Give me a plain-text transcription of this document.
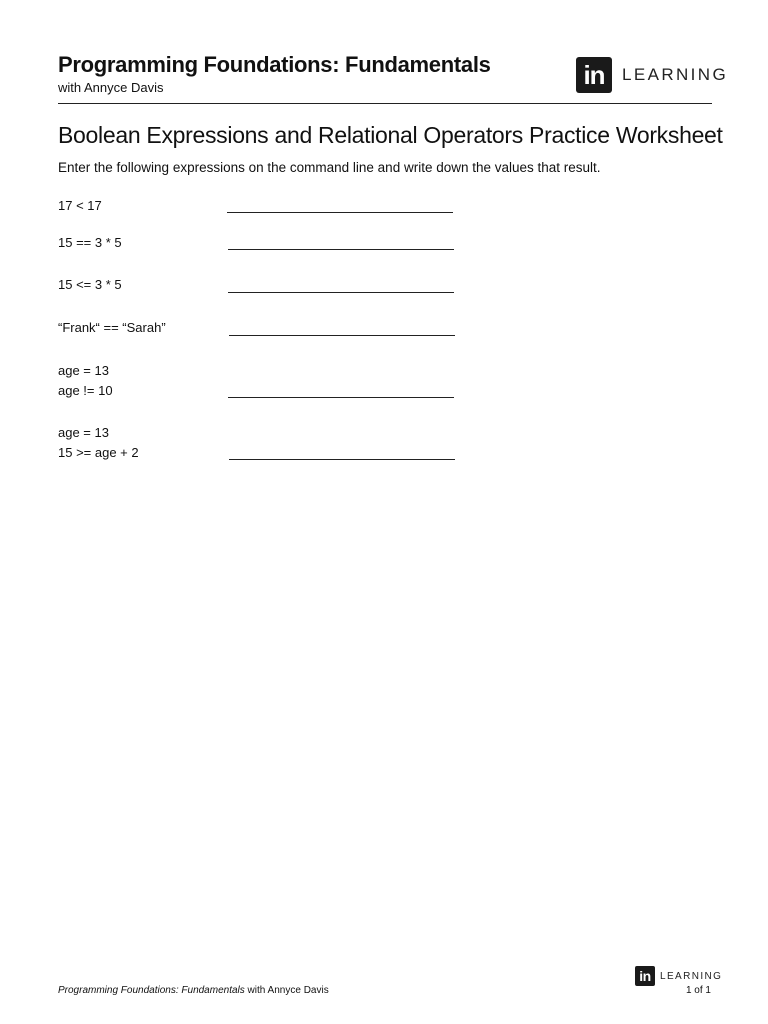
Programming Foundations: Fundamentals
with Annyce Davis	in	LEARNING
Boolean Expressions and Relational Operators Practice Worksheet
Enter the following expressions on the command line and write down the values that result.
17 < 17
15 == 3 * 5
15 <= 3 * 5
“Frank“ == “Sarah”
age = 13
age != 10
age = 13
15 >= age + 2
Programming Foundations: Fundamentals with Annyce Davis
in LEARNING
1 of 1
